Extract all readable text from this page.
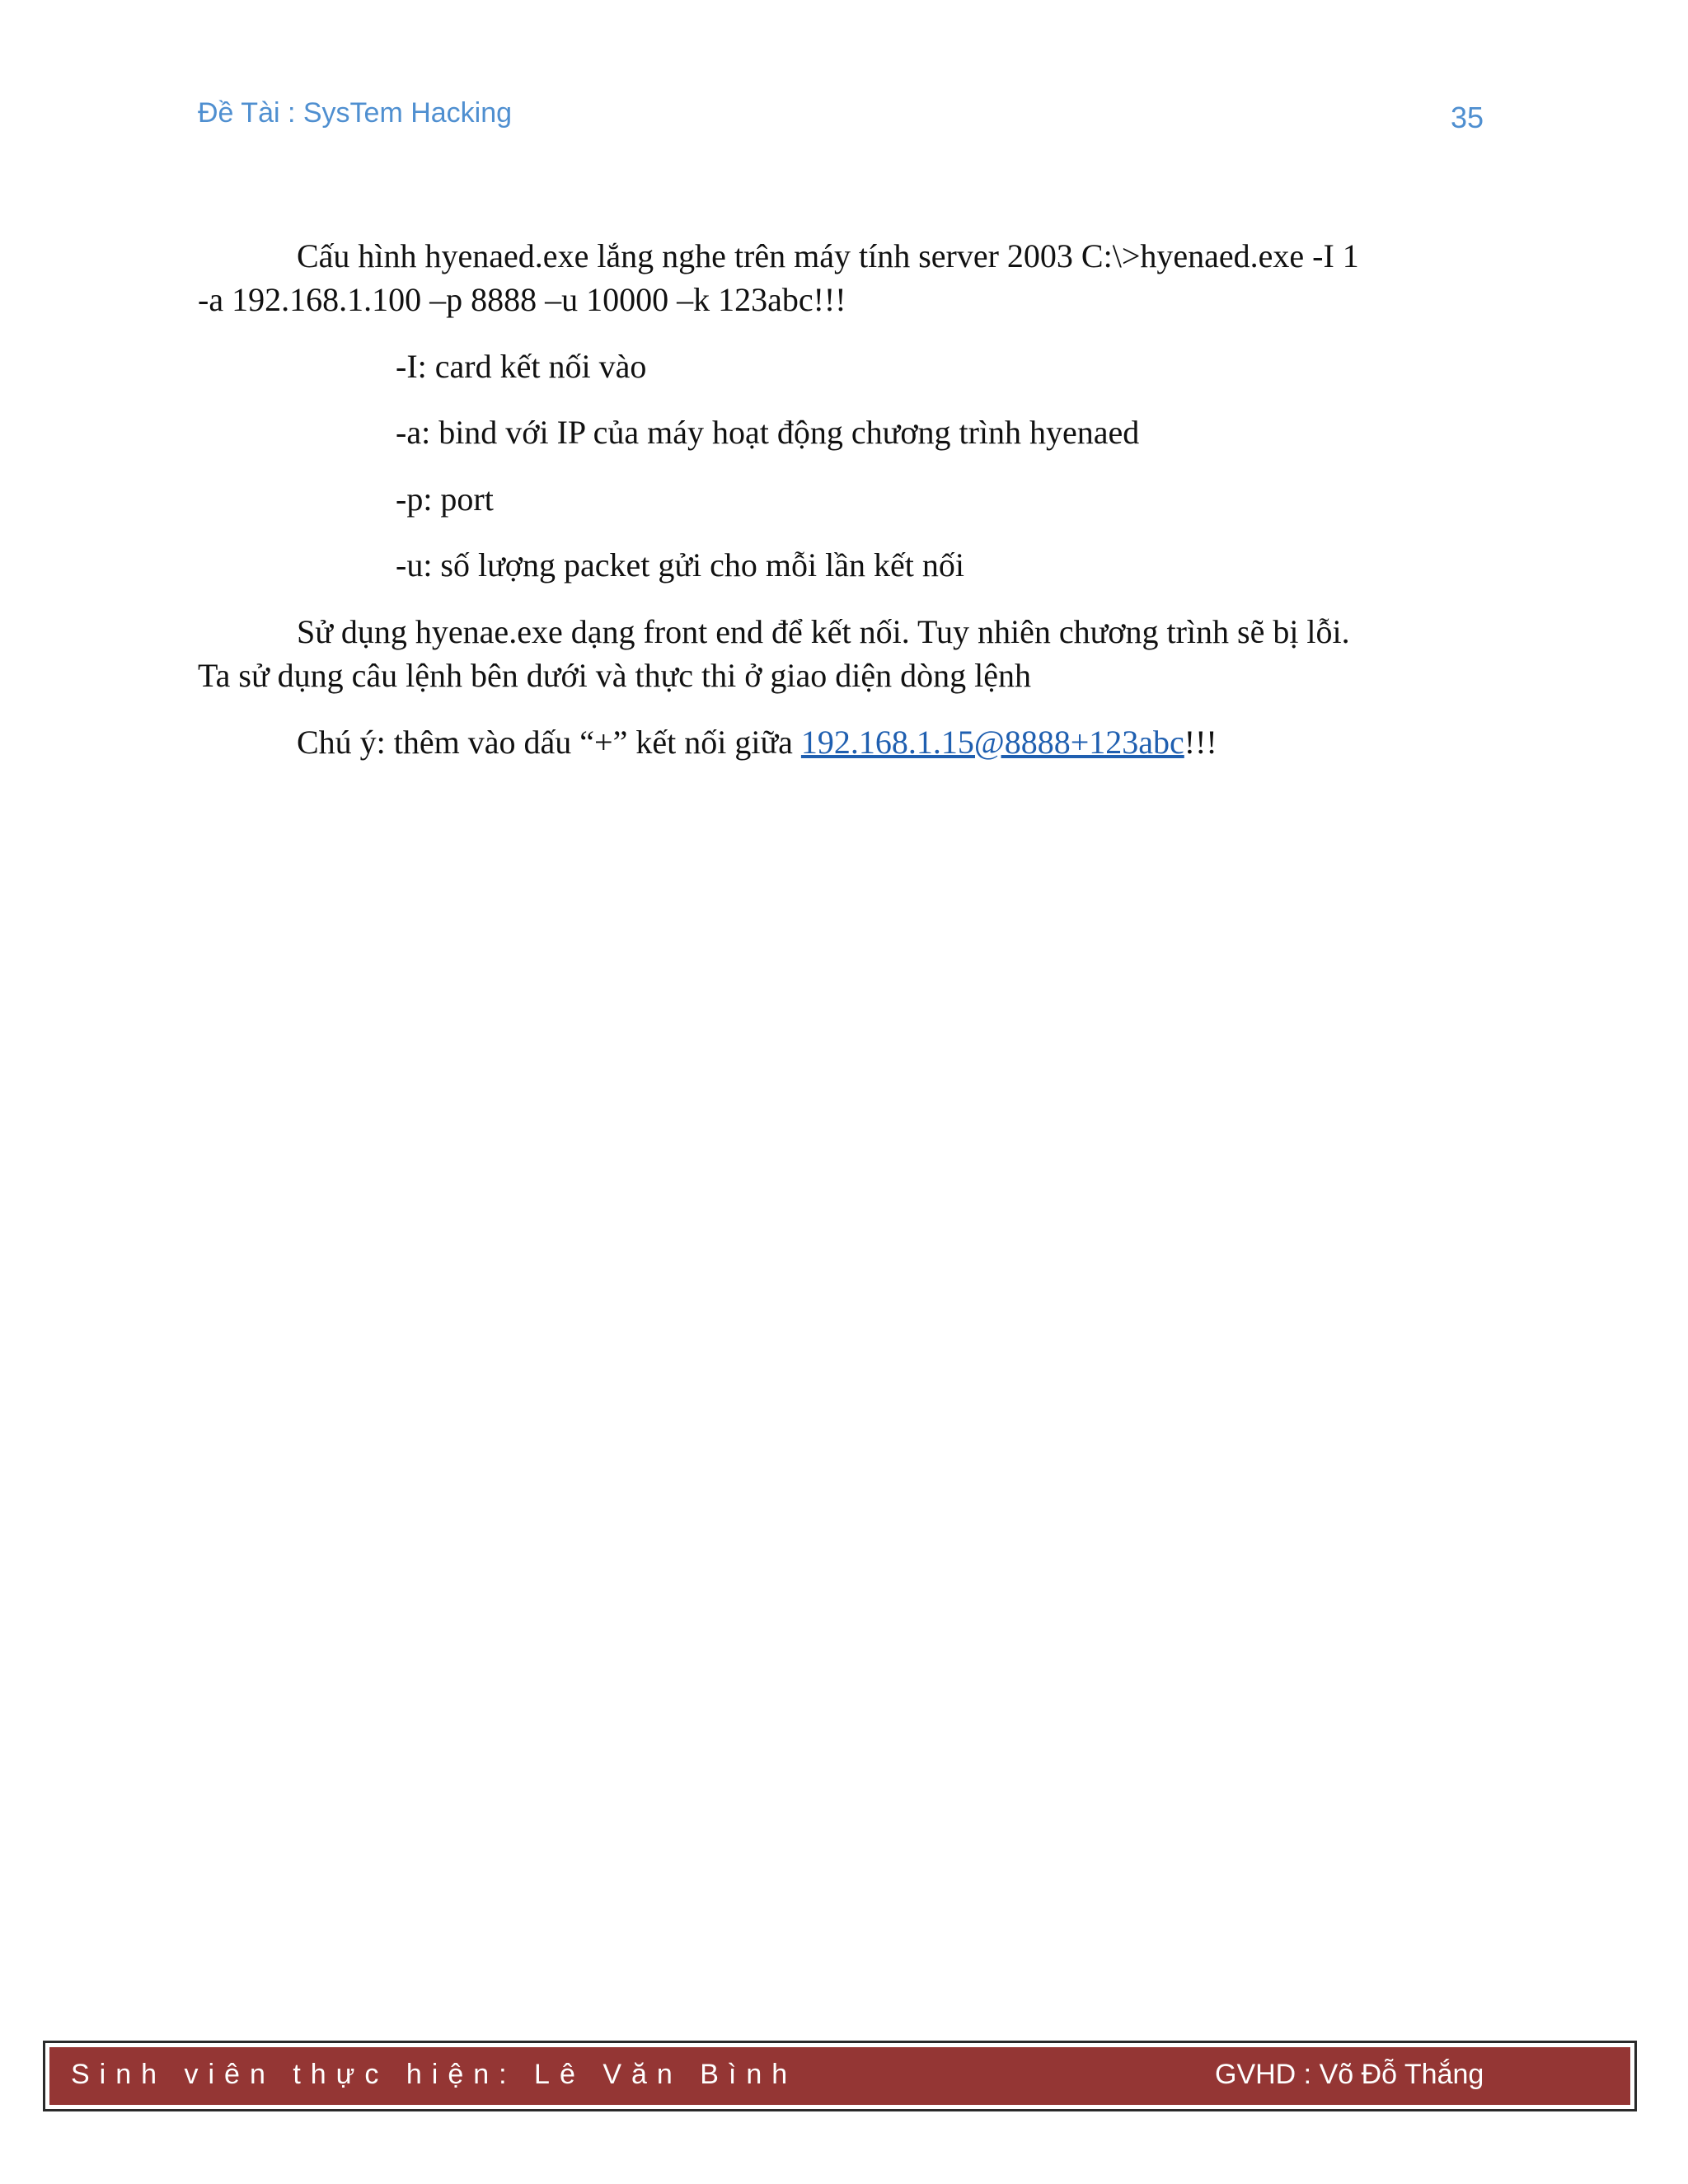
Đề Tài : SysTem Hacking	35
Cấu hình hyenaed.exe lắng nghe trên máy tính server 2003 C:\>hyenaed.exe -I 1
-a 192.168.1.100 –p 8888 –u 10000 –k 123abc!!!
-I: card kết nối vào
-a: bind với IP của máy hoạt động chương trình hyenaed
-p: port
-u: số lượng packet gửi cho mỗi lần kết nối
Sử dụng hyenae.exe dạng front end để kết nối. Tuy nhiên chương trình sẽ bị lỗi.
Ta sử dụng câu lệnh bên dưới và thực thi ở giao diện dòng lệnh
Chú ý: thêm vào dấu “+” kết nối giữa 192.168.1.15@8888+123abc!!!
Sinh viên thực hiện: Lê Văn Bình	GVHD : Võ Đỗ Thắng
